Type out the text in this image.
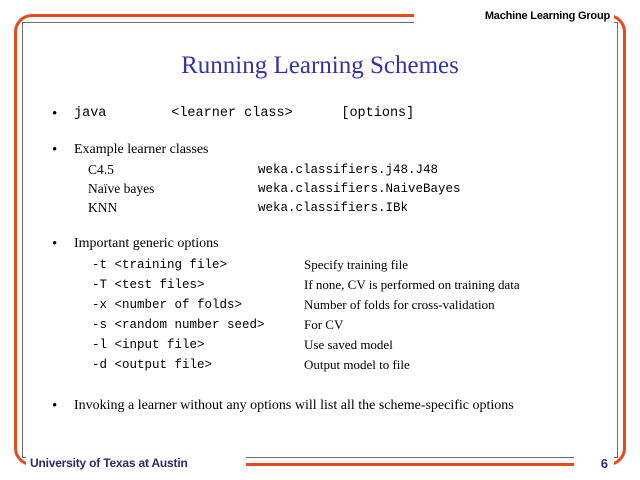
Machine Learning Group
Running Learning Schemes
• java        <learner class>      [options]
• Example learner classes
C4.5	weka.classifiers.j48.J48
Naïve bayes	weka.classifiers.NaiveBayes
KNN	weka.classifiers.IBk
• Important generic options
-t <training file>	Specify training file
-T <test files>	If none, CV is performed on training data
-x <number of folds>	Number of folds for cross-validation
-s <random number seed>	For CV
-l <input file>	Use saved model
-d <output file>	Output model to file
• Invoking a learner without any options will list all the scheme-specific options
University of Texas at Austin	6
